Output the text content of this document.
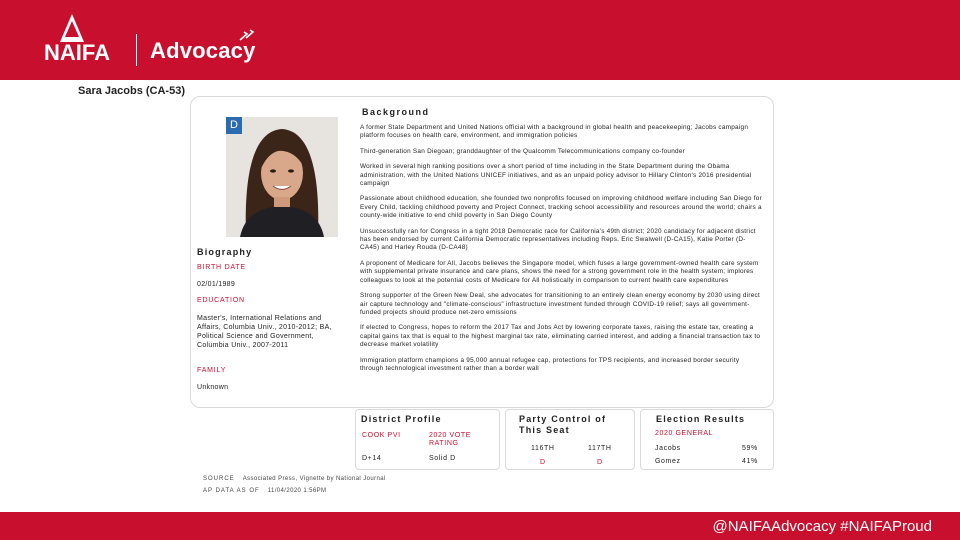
NAIFA Advocacy
Sara Jacobs (CA-53)
Background
D
Biography
BIRTH DATE
02/01/1989
EDUCATION
Master's, International Relations and Affairs, Columbia Univ., 2010-2012; BA, Political Science and Government, Columbia Univ., 2007-2011
FAMILY
Unknown
A former State Department and United Nations official with a background in global health and peacekeeping; Jacobs campaign platform focuses on health care, environment, and immigration policies
Third-generation San Diegoan; granddaughter of the Qualcomm Telecommunications company co-founder
Worked in several high ranking positions over a short period of time including in the State Department during the Obama administration, with the United Nations UNICEF initiatives, and as an unpaid policy advisor to Hillary Clinton's 2016 presidential campaign
Passionate about childhood education, she founded two nonprofits focused on improving childhood welfare including San Diego for Every Child, tackling childhood poverty and Project Connect, tracking school accessibility and resources around the world; chairs a county-wide initiative to end child poverty in San Diego County
Unsuccessfully ran for Congress in a tight 2018 Democratic race for California's 49th district; 2020 candidacy for adjacent district has been endorsed by current California Democratic representatives including Reps. Eric Swalwell (D-CA15), Katie Porter (D-CA45) and Harley Rouda (D-CA48)
A proponent of Medicare for All, Jacobs believes the Singapore model, which fuses a large government-owned health care system with supplemental private insurance and care plans, shows the need for a strong government role in the health system; implores colleagues to look at the potential costs of Medicare for All holistically in comparison to current health care expenditures
Strong supporter of the Green New Deal, she advocates for transitioning to an entirely clean energy economy by 2030 using direct air capture technology and "climate-conscious" infrastructure investment funded through COVID-19 relief; says all government-funded projects should produce net-zero emissions
If elected to Congress, hopes to reform the 2017 Tax and Jobs Act by lowering corporate taxes, raising the estate tax, creating a capital gains tax that is equal to the highest marginal tax rate, eliminating carried interest, and adding a financial transaction tax to decrease market volatility
Immigration platform champions a 95,000 annual refugee cap, protections for TPS recipients, and increased border security through technological investment rather than a border wall
District Profile
COOK PVI	2020 VOTE RATING
D+14	Solid D
Party Control of This Seat
116TH	117TH
D	D
Election Results
2020 GENERAL
Jacobs	59%
Gomez	41%
SOURCE Associated Press, Vignette by National Journal
AP DATA AS OF 11/04/2020 1:56PM
@NAIFAAdvocacy #NAIFAProud
